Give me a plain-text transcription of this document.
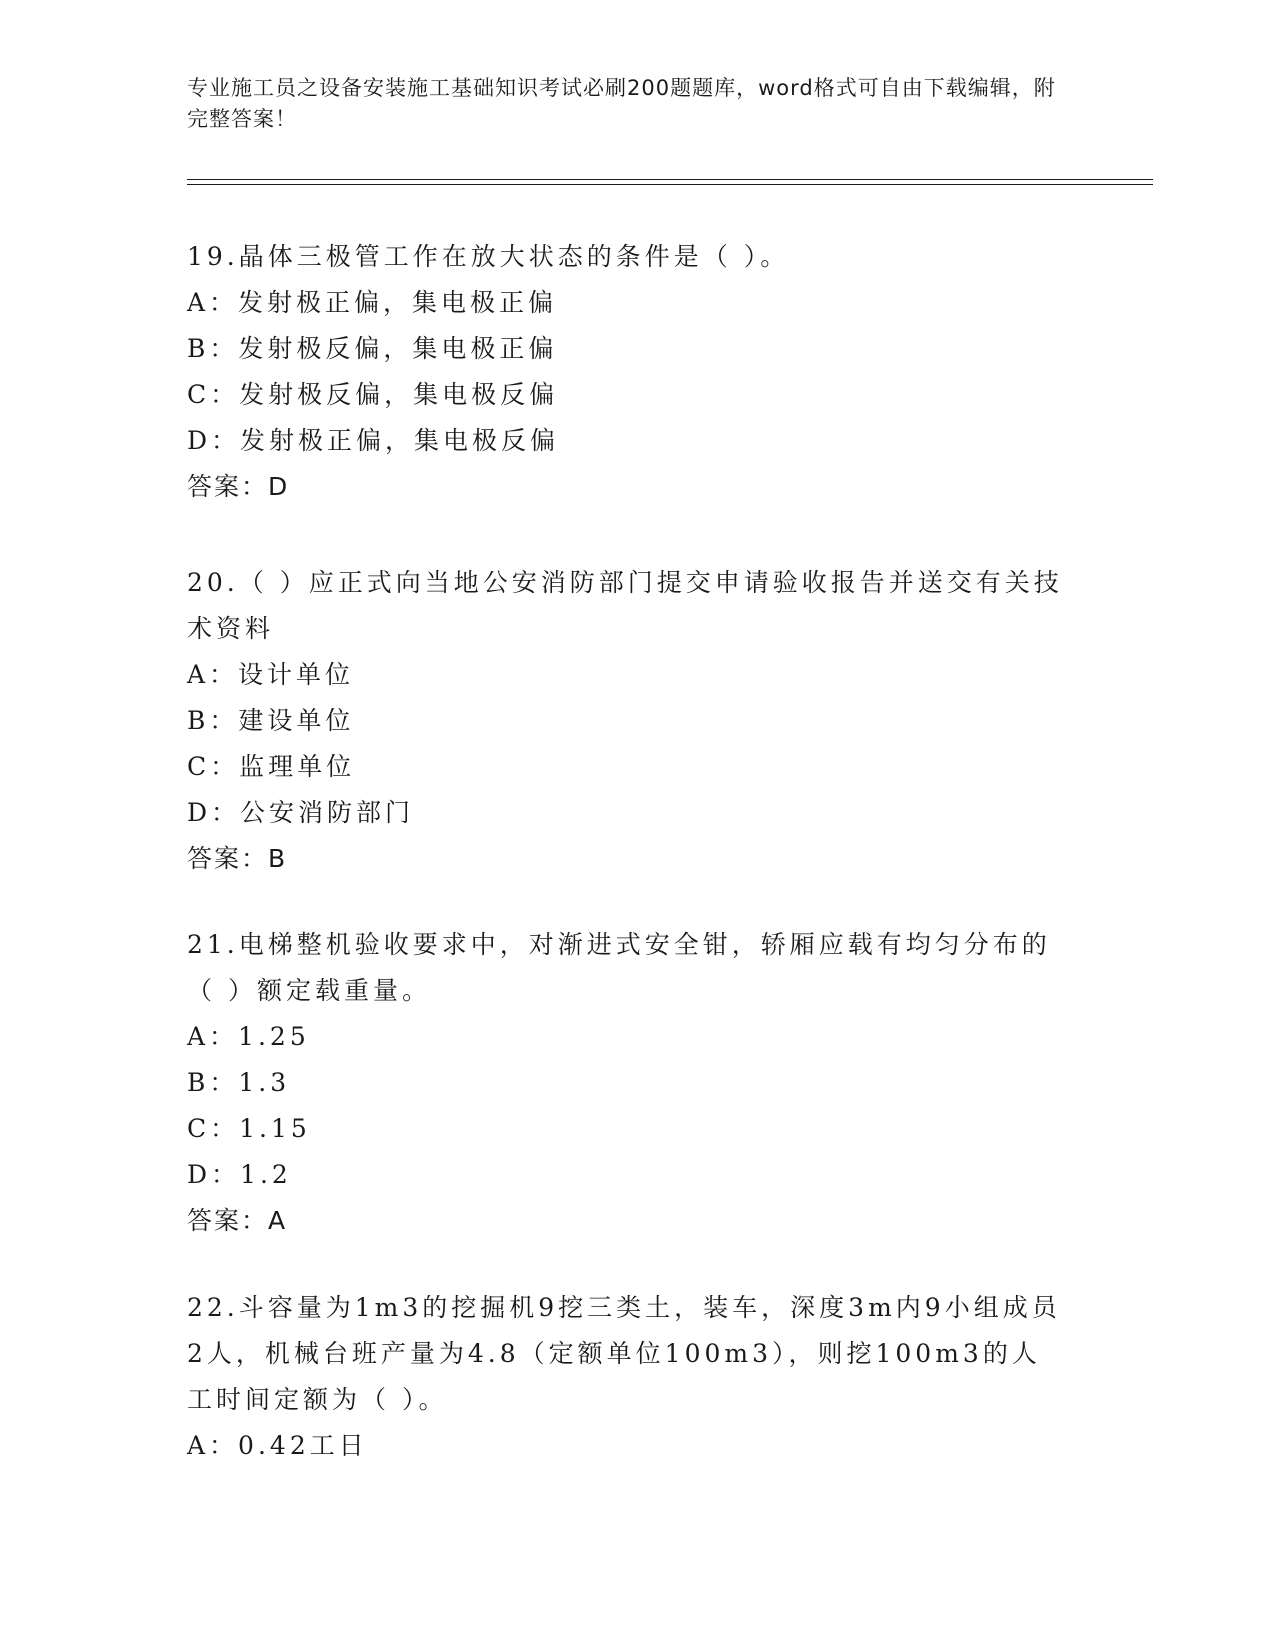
专业施工员之设备安装施工基础知识考试必刷200题题库，word格式可自由下载编辑，附完整答案！

19.晶体三极管工作在放大状态的条件是（ ）。

A：发射极正偏，集电极正偏

B：发射极反偏，集电极正偏

C：发射极反偏，集电极反偏

D：发射极正偏，集电极反偏

答案：D

20.（ ）应正式向当地公安消防部门提交申请验收报告并送交有关技术资料

A：设计单位

B：建设单位

C：监理单位

D：公安消防部门

答案：B

21.电梯整机验收要求中，对渐进式安全钳，轿厢应载有均匀分布的（ ）额定载重量。

A：1.25

B：1.3

C：1.15

D：1.2

答案：A

22.斗容量为1m3的挖掘机9挖三类土，装车，深度3m内9小组成员2人，机械台班产量为4.8（定额单位100m3），则挖100m3的人工时间定额为（ ）。

A：0.42工日
